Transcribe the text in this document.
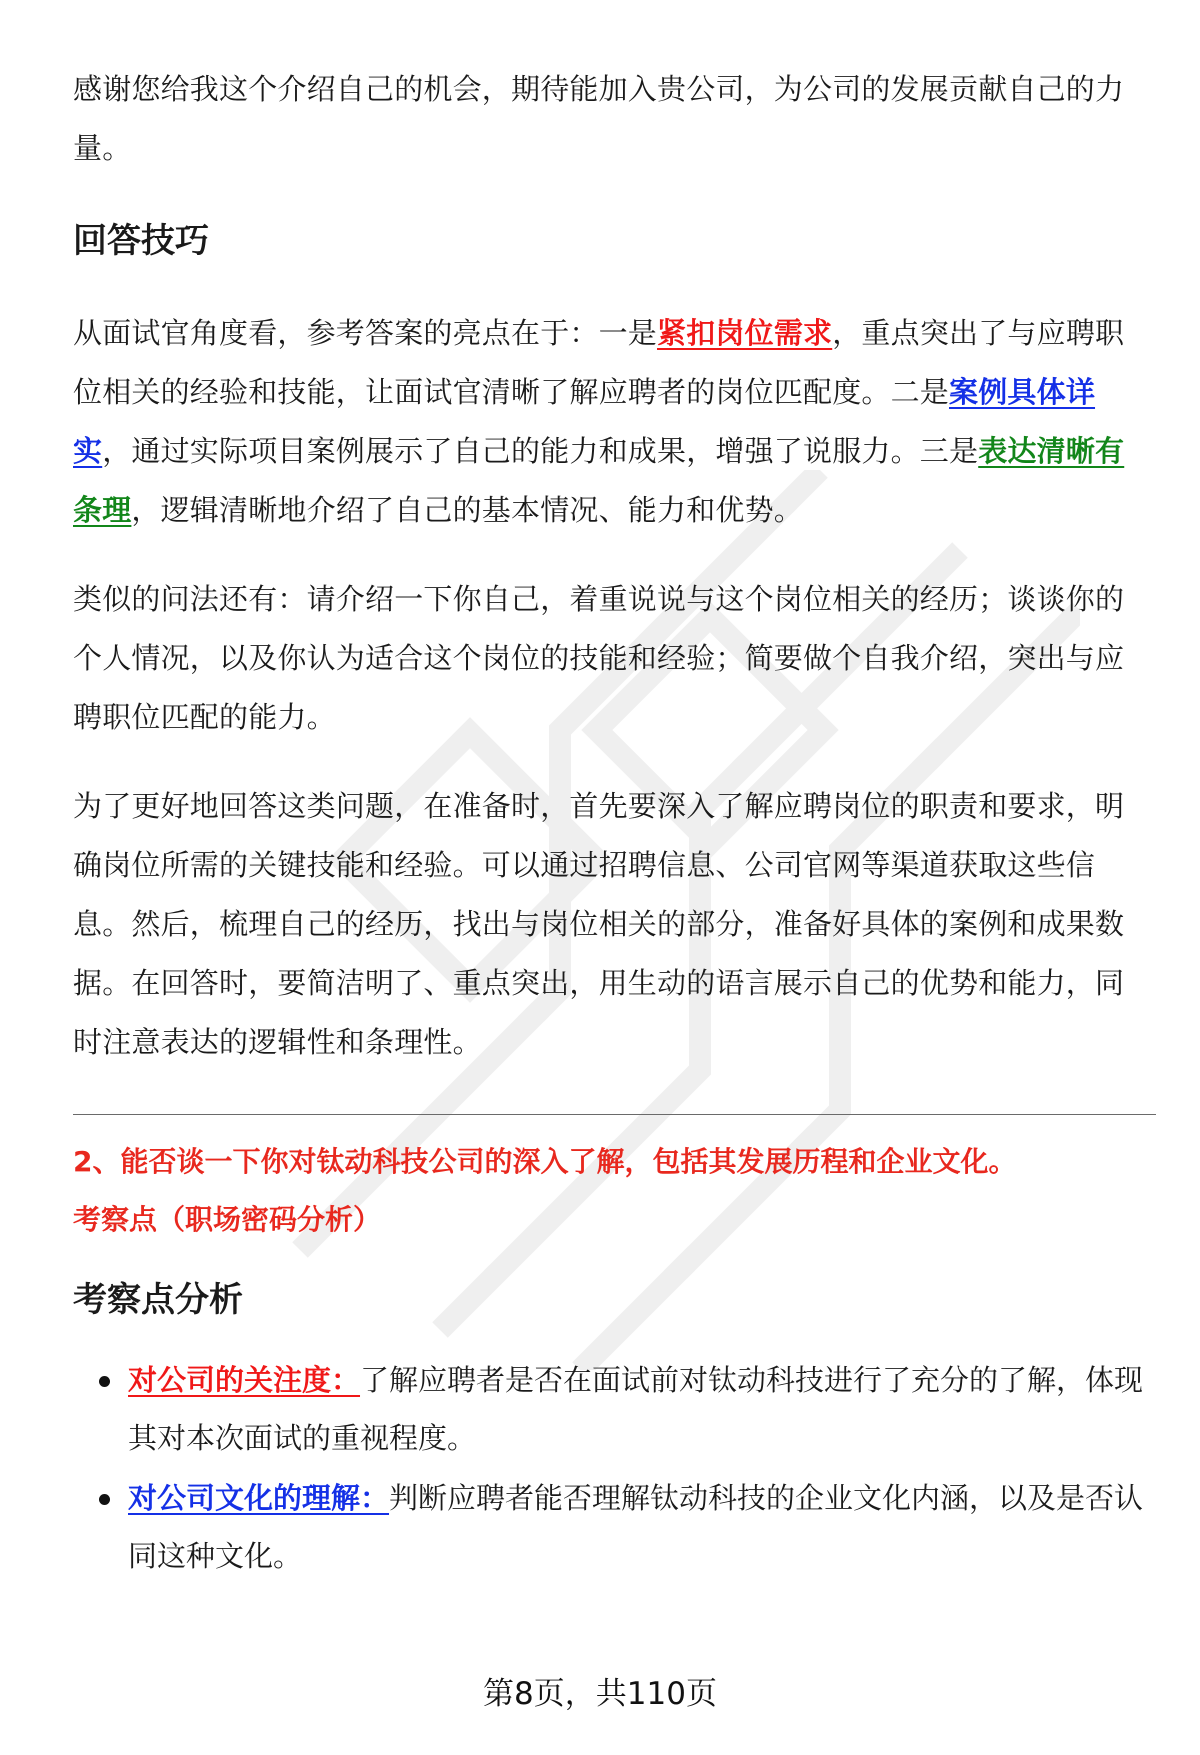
感谢您给我这个介绍自己的机会，期待能加入贵公司，为公司的发展贡献自己的力量。

回答技巧

从面试官角度看，参考答案的亮点在于：一是紧扣岗位需求，重点突出了与应聘职位相关的经验和技能，让面试官清晰了解应聘者的岗位匹配度。二是案例具体详实，通过实际项目案例展示了自己的能力和成果，增强了说服力。三是表达清晰有条理，逻辑清晰地介绍了自己的基本情况、能力和优势。

类似的问法还有：请介绍一下你自己，着重说说与这个岗位相关的经历；谈谈你的个人情况，以及你认为适合这个岗位的技能和经验；简要做个自我介绍，突出与应聘职位匹配的能力。

为了更好地回答这类问题，在准备时，首先要深入了解应聘岗位的职责和要求，明确岗位所需的关键技能和经验。可以通过招聘信息、公司官网等渠道获取这些信息。然后，梳理自己的经历，找出与岗位相关的部分，准备好具体的案例和成果数据。在回答时，要简洁明了、重点突出，用生动的语言展示自己的优势和能力，同时注意表达的逻辑性和条理性。

2、能否谈一下你对钛动科技公司的深入了解，包括其发展历程和企业文化。

考察点（职场密码分析）

考察点分析
对公司的关注度：了解应聘者是否在面试前对钛动科技进行了充分的了解，体现其对本次面试的重视程度。
对公司文化的理解：判断应聘者能否理解钛动科技的企业文化内涵，以及是否认同这种文化。
第8页，共110页
